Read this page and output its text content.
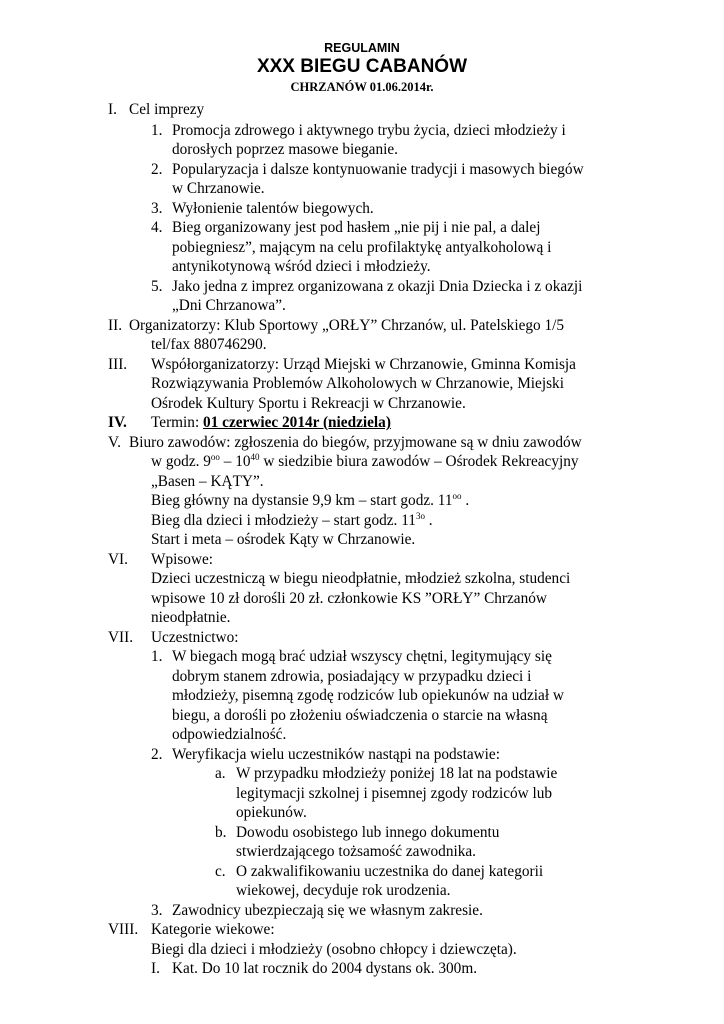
REGULAMIN
XXX BIEGU CABANÓW
CHRZANÓW 01.06.2014r.
I. Cel imprezy
1. Promocja zdrowego i aktywnego trybu życia, dzieci młodzieży i
dorosłych poprzez masowe bieganie.
2. Popularyzacja i dalsze kontynuowanie tradycji i masowych biegów
w Chrzanowie.
3. Wyłonienie talentów biegowych.
4. Bieg organizowany jest pod hasłem „nie pij i nie pal, a dalej
pobiegniesz”, mającym na celu profilaktykę antyalkoholową i
antynikotynową wśród dzieci i młodzieży.
5. Jako jedna z imprez organizowana z okazji Dnia Dziecka i z okazji
„Dni Chrzanowa”.
II. Organizatorzy: Klub Sportowy „ORŁY” Chrzanów, ul. Patelskiego 1/5
tel/fax 880746290.
III. Współorganizatorzy: Urząd Miejski w Chrzanowie, Gminna Komisja
Rozwiązywania Problemów Alkoholowych w Chrzanowie, Miejski
Ośrodek Kultury Sportu i Rekreacji w Chrzanowie.
IV. Termin: 01 czerwiec 2014r (niedziela)
V. Biuro zawodów: zgłoszenia do biegów, przyjmowane są w dniu zawodów
w godz. $9^{oo} - 10^{40}$ w siedzibie biura zawodów – Ośrodek Rekreacyjny
„Basen – KĄTY”.
Bieg główny na dystansie 9,9 km – start godz. $11^{oo}$ .
Bieg dla dzieci i młodzieży – start godz. $11^{3o}$ .
Start i meta – ośrodek Kąty w Chrzanowie.
VI. Wpisowe:
Dzieci uczestniczą w biegu nieodpłatnie, młodzież szkolna, studenci
wpisowe 10 zł dorośli 20 zł. członkowie KS ”ORŁY” Chrzanów
nieodpłatnie.
VII. Uczestnictwo:
1. W biegach mogą brać udział wszyscy chętni, legitymujący się
dobrym stanem zdrowia, posiadający w przypadku dzieci i
młodzieży, pisemną zgodę rodziców lub opiekunów na udział w
biegu, a dorośli po złożeniu oświadczenia o starcie na własną
odpowiedzialność.
2. Weryfikacja wielu uczestników nastąpi na podstawie:
a. W przypadku młodzieży poniżej 18 lat na podstawie
legitymacji szkolnej i pisemnej zgody rodziców lub
opiekunów.
b. Dowodu osobistego lub innego dokumentu
stwierdzającego tożsamość zawodnika.
c. O zakwalifikowaniu uczestnika do danej kategorii
wiekowej, decyduje rok urodzenia.
3. Zawodnicy ubezpieczają się we własnym zakresie.
VIII. Kategorie wiekowe:
Biegi dla dzieci i młodzieży (osobno chłopcy i dziewczęta).
I. Kat. Do 10 lat rocznik do 2004 dystans ok. 300m.
